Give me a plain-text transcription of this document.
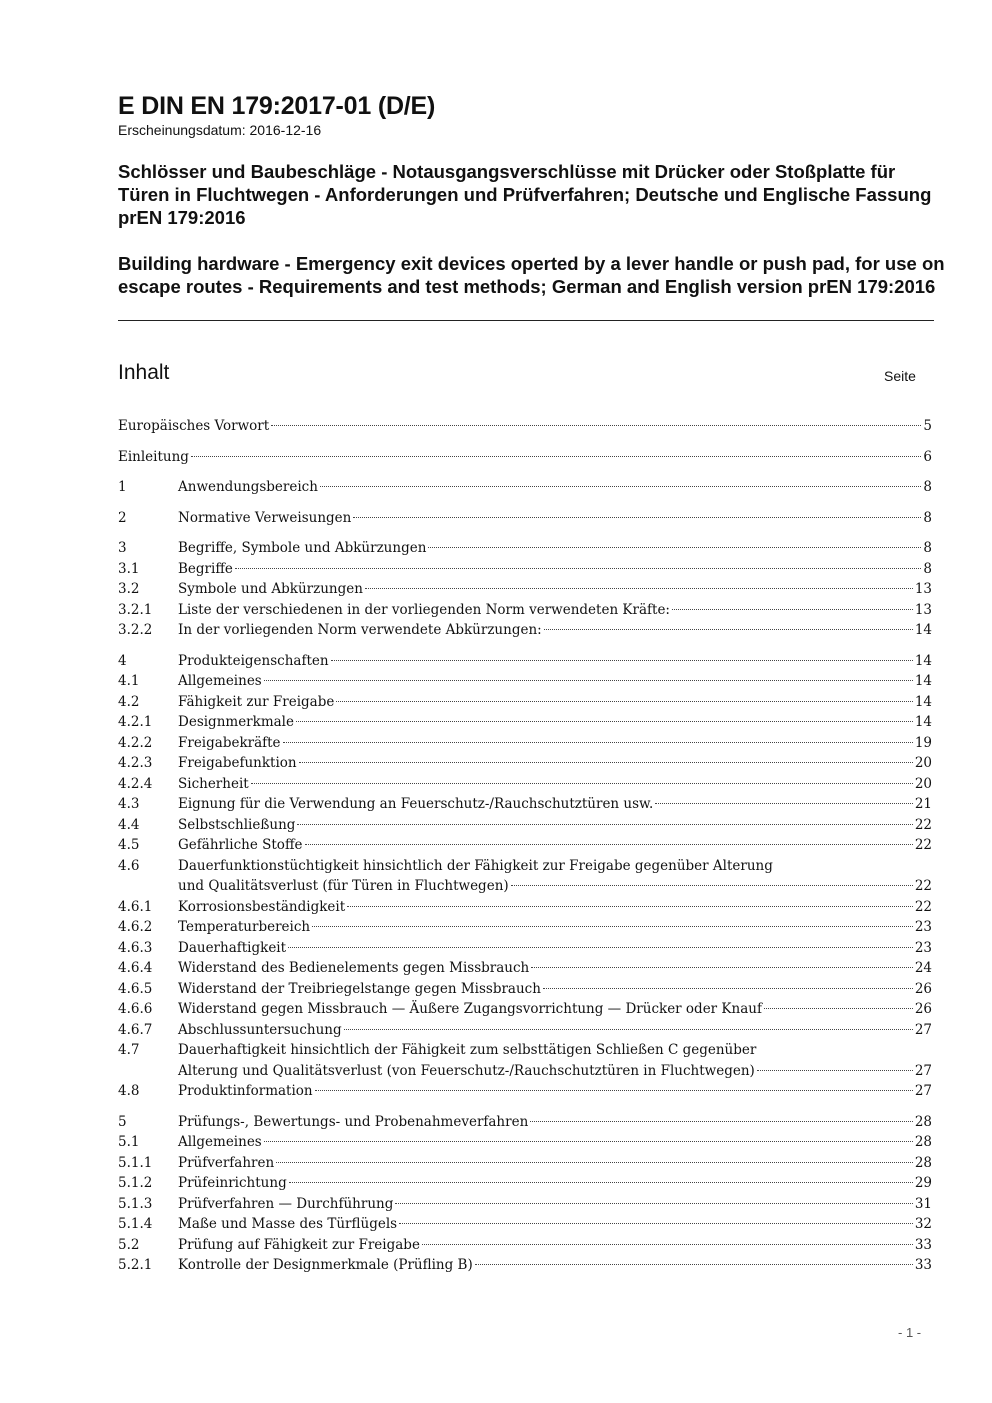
E DIN EN 179:2017-01 (D/E)
Erscheinungsdatum: 2016-12-16
Schlösser und Baubeschläge - Notausgangsverschlüsse mit Drücker oder Stoßplatte für Türen in Fluchtwegen - Anforderungen und Prüfverfahren; Deutsche und Englische Fassung prEN 179:2016
Building hardware - Emergency exit devices operted by a lever handle or push pad, for use on escape routes - Requirements and test methods; German and English version prEN 179:2016
Inhalt	Seite
Europäisches Vorwort	5
Einleitung	6
1	Anwendungsbereich	8
2	Normative Verweisungen	8
3	Begriffe, Symbole und Abkürzungen	8
3.1	Begriffe	8
3.2	Symbole und Abkürzungen	13
3.2.1 Liste der verschiedenen in der vorliegenden Norm verwendeten Kräfte:	13
3.2.2 In der vorliegenden Norm verwendete Abkürzungen:	14
4	Produkteigenschaften	14
4.1	Allgemeines	14
4.2	Fähigkeit zur Freigabe	14
4.2.1 Designmerkmale	14
4.2.2 Freigabekräfte	19
4.2.3 Freigabefunktion	20
4.2.4 Sicherheit	20
4.3	Eignung für die Verwendung an Feuerschutz-/Rauchschutztüren usw.	21
4.4	Selbstschließung	22
4.5	Gefährliche Stoffe	22
4.6	Dauerfunktionstüchtigkeit hinsichtlich der Fähigkeit zur Freigabe gegenüber Alterung
und Qualitätsverlust (für Türen in Fluchtwegen)	22
4.6.1 Korrosionsbeständigkeit	22
4.6.2 Temperaturbereich	23
4.6.3 Dauerhaftigkeit	23
4.6.4 Widerstand des Bedienelements gegen Missbrauch	24
4.6.5 Widerstand der Treibriegelstange gegen Missbrauch	26
4.6.6 Widerstand gegen Missbrauch — Äußere Zugangsvorrichtung — Drücker oder Knauf	26
4.6.7 Abschlussuntersuchung	27
4.7	Dauerhaftigkeit hinsichtlich der Fähigkeit zum selbsttätigen Schließen C gegenüber
Alterung und Qualitätsverlust (von Feuerschutz-/Rauchschutztüren in Fluchtwegen)	27
4.8	Produktinformation	27
5	Prüfungs-, Bewertungs- und Probenahmeverfahren	28
5.1	Allgemeines	28
5.1.1 Prüfverfahren	28
5.1.2 Prüfeinrichtung	29
5.1.3 Prüfverfahren — Durchführung	31
5.1.4 Maße und Masse des Türflügels	32
5.2	Prüfung auf Fähigkeit zur Freigabe	33
5.2.1 Kontrolle der Designmerkmale (Prüfling B)	33
- 1 -
